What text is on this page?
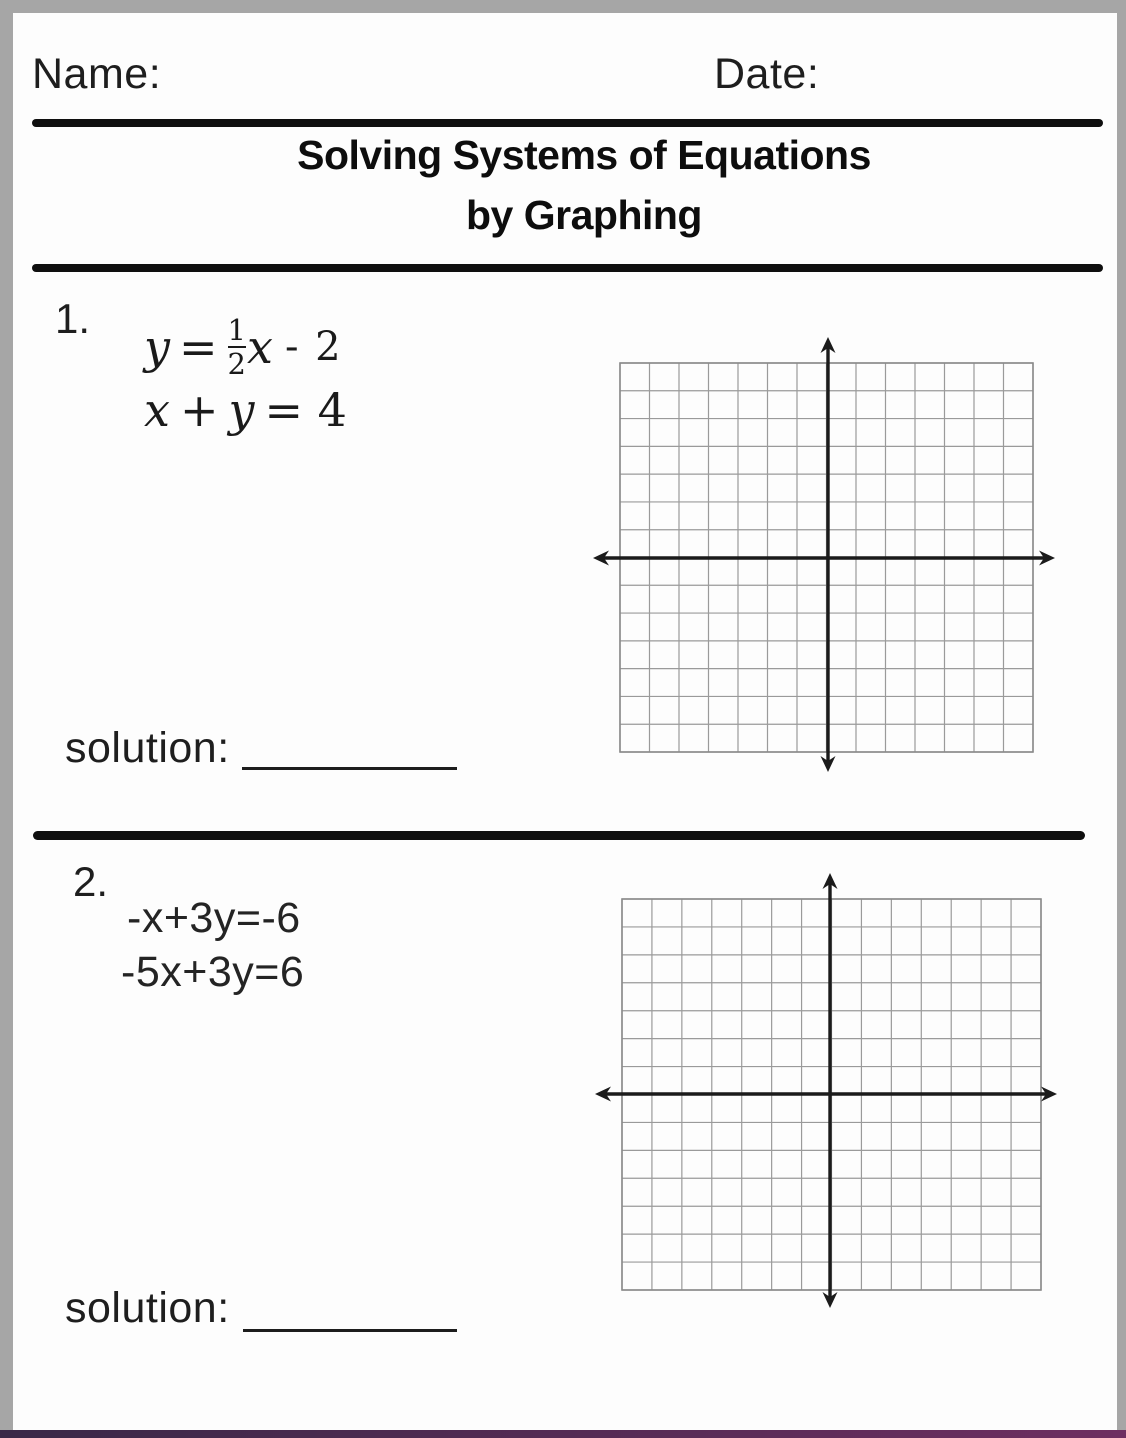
Name:	Date:
Solving Systems of Equations
by Graphing
1.
$y = \frac{1}{2}$ x - 2
x + y = 4
solution:
2.
-x+3y=-6
-5x+3y=6
solution:
